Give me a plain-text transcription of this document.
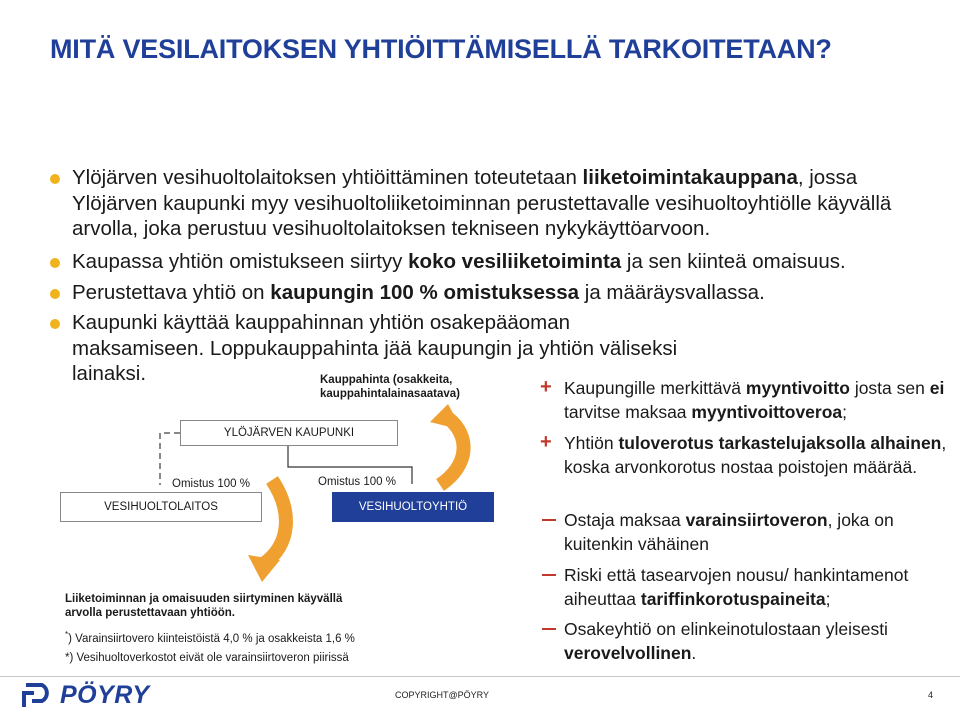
MITÄ VESILAITOKSEN YHTIÖITTÄMISELLÄ TARKOITETAAN?
Ylöjärven vesihuoltolaitoksen yhtiöittäminen toteutetaan liiketoimintakauppana, jossa Ylöjärven kaupunki myy vesihuoltoliiketoiminnan perustettavalle vesihuoltoyhtiölle käyvällä arvolla, joka perustuu vesihuoltolaitoksen tekniseen nykykäyttöarvoon.
Kaupassa yhtiön omistukseen siirtyy koko vesiliiketoiminta ja sen kiinteä omaisuus.
Perustettava yhtiö on kaupungin 100 % omistuksessa ja määräysvallassa.
Kaupunki käyttää kauppahinnan yhtiön osakepääoman maksamiseen. Loppukauppahinta jää kaupungin ja yhtiön väliseksi lainaksi.	Kauppahinta (osakkeita,
kauppahintalainasaatava)
YLÖJÄRVEN KAUPUNKI
Omistus 100 %	Omistus 100 %
VESIHUOLTOLAITOS	VESIHUOLTOYHTIÖ
Liiketoiminnan ja omaisuuden siirtyminen käyvällä
arvolla perustettavaan yhtiöön.
*) Varainsiirtovero kiinteistöistä 4,0 % ja osakkeista 1,6 %
*) Vesihuoltoverkostot eivät ole varainsiirtoveron piirissä
+ Kaupungille merkittävä myyntivoitto josta sen ei tarvitse maksaa myyntivoittoveroa;
+ Yhtiön tuloverotus tarkastelujaksolla alhainen, koska arvonkorotus nostaa poistojen määrää.
Ostaja maksaa varainsiirtoveron, joka on kuitenkin vähäinen
Riski että tasearvojen nousu/ hankintamenot aiheuttaa tariffinkorotuspaineita;
Osakeyhtiö on elinkeinotulostaan yleisesti verovelvollinen.
PÖYRY	COPYRIGHT@PÖYRY	4
